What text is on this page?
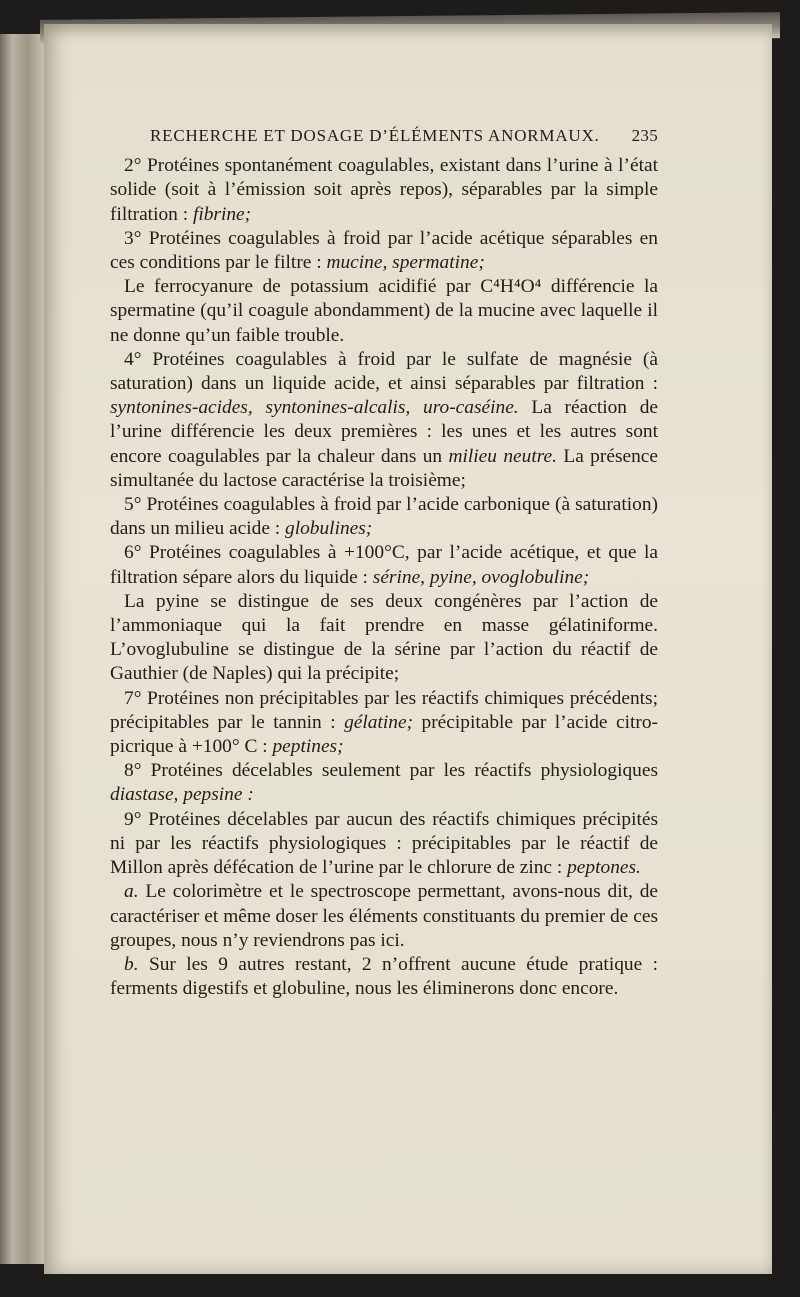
RECHERCHE ET DOSAGE D’ÉLÉMENTS ANORMAUX. 235

2° Protéines spontanément coagulables, existant dans l’urine à l’état solide (soit à l’émission soit après repos), séparables par la simple filtration : fibrine;

3° Protéines coagulables à froid par l’acide acétique séparables en ces conditions par le filtre : mucine, spermatine;

Le ferrocyanure de potassium acidifié par C⁴H⁴O⁴ différencie la spermatine (qu’il coagule abondamment) de la mucine avec laquelle il ne donne qu’un faible trouble.

4° Protéines coagulables à froid par le sulfate de magnésie (à saturation) dans un liquide acide, et ainsi séparables par filtration : syntonines-acides, syntonines-alcalis, uro-caséine. La réaction de l’urine différencie les deux premières : les unes et les autres sont encore coagulables par la chaleur dans un milieu neutre. La présence simultanée du lactose caractérise la troisième;

5° Protéines coagulables à froid par l’acide carbonique (à saturation) dans un milieu acide : globulines;

6° Protéines coagulables à +100°C, par l’acide acétique, et que la filtration sépare alors du liquide : sérine, pyine, ovoglobuline;

La pyine se distingue de ses deux congénères par l’action de l’ammoniaque qui la fait prendre en masse gélatiniforme. L’ovoglubuline se distingue de la sérine par l’action du réactif de Gauthier (de Naples) qui la précipite;

7° Protéines non précipitables par les réactifs chimiques précédents; précipitables par le tannin : gélatine; précipitable par l’acide citro-picrique à +100° C : peptines;

8° Protéines décelables seulement par les réactifs physiologiques diastase, pepsine :

9° Protéines décelables par aucun des réactifs chimiques précipités ni par les réactifs physiologiques : précipitables par le réactif de Millon après défécation de l’urine par le chlorure de zinc : peptones.

a. Le colorimètre et le spectroscope permettant, avons-nous dit, de caractériser et même doser les éléments constituants du premier de ces groupes, nous n’y reviendrons pas ici.

b. Sur les 9 autres restant, 2 n’offrent aucune étude pratique : ferments digestifs et globuline, nous les éliminerons donc encore.
